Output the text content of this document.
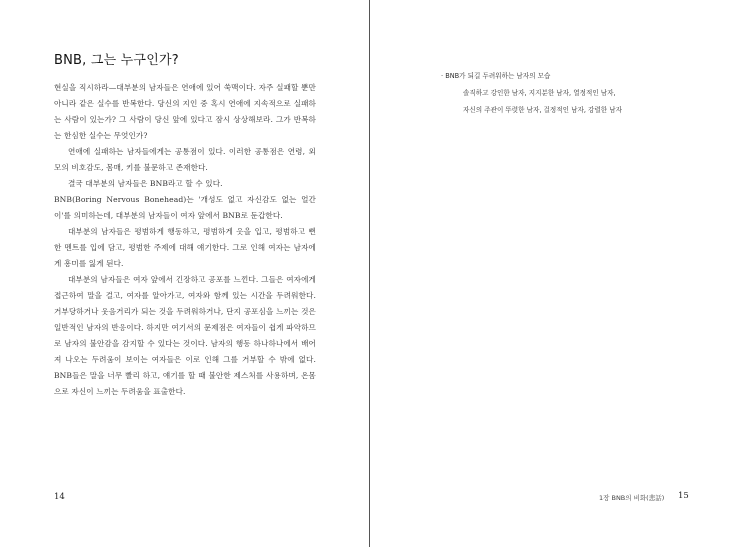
BNB, 그는 누구인가?

현실을 직시하라—대부분의 남자들은 연애에 있어 쑥맥이다. 자주 실패할 뿐만 아니라 같은 실수를 반복한다. 당신의 지인 중 혹시 연애에 지속적으로 실패하는 사람이 있는가? 그 사람이 당신 앞에 있다고 잠시 상상해보라. 그가 반복하는 한심한 실수는 무엇인가?

연애에 실패하는 남자들에게는 공통점이 있다. 이러한 공통점은 연령, 외모의 비호감도, 몸매, 키를 불문하고 존재한다.

결국 대부분의 남자들은 BNB라고 할 수 있다.

BNB(Boring Nervous Bonehead)는 '개성도 없고 자신감도 없는 얼간이'를 의미하는데, 대부분의 남자들이 여자 앞에서 BNB로 둔갑한다.

대부분의 남자들은 평범하게 행동하고, 평범하게 옷을 입고, 평범하고 뻔한 멘트를 입에 담고, 평범한 주제에 대해 얘기한다. 그로 인해 여자는 남자에게 흥미를 잃게 된다.

대부분의 남자들은 여자 앞에서 긴장하고 공포를 느낀다. 그들은 여자에게 접근하여 말을 걸고, 여자를 알아가고, 여자와 함께 있는 시간을 두려워한다. 거부당하거나 웃음거리가 되는 것을 두려워하거나, 단지 공포심을 느끼는 것은 일반적인 남자의 반응이다. 하지만 여기서의 문제점은 여자들이 쉽게 파악하므로 남자의 불안감을 감지할 수 있다는 것이다. 남자의 행동 하나하나에서 배어져 나오는 두려움이 보이는 여자들은 이로 인해 그를 거부할 수 밖에 없다. BNB들은 말을 너무 빨리 하고, 얘기를 할 때 불안한 제스처를 사용하며, 온몸으로 자신이 느끼는 두려움을 표출한다.

14

· BNB가 되길 두려워하는 남자의 모습

솔직하고 강인한 남자, 지지분한 남자, 열정적인 남자,

자신의 주관이 뚜렷한 남자, 걸정적인 남자, 강렬한 남자

1장 BNB의 비화(悲話) 15
